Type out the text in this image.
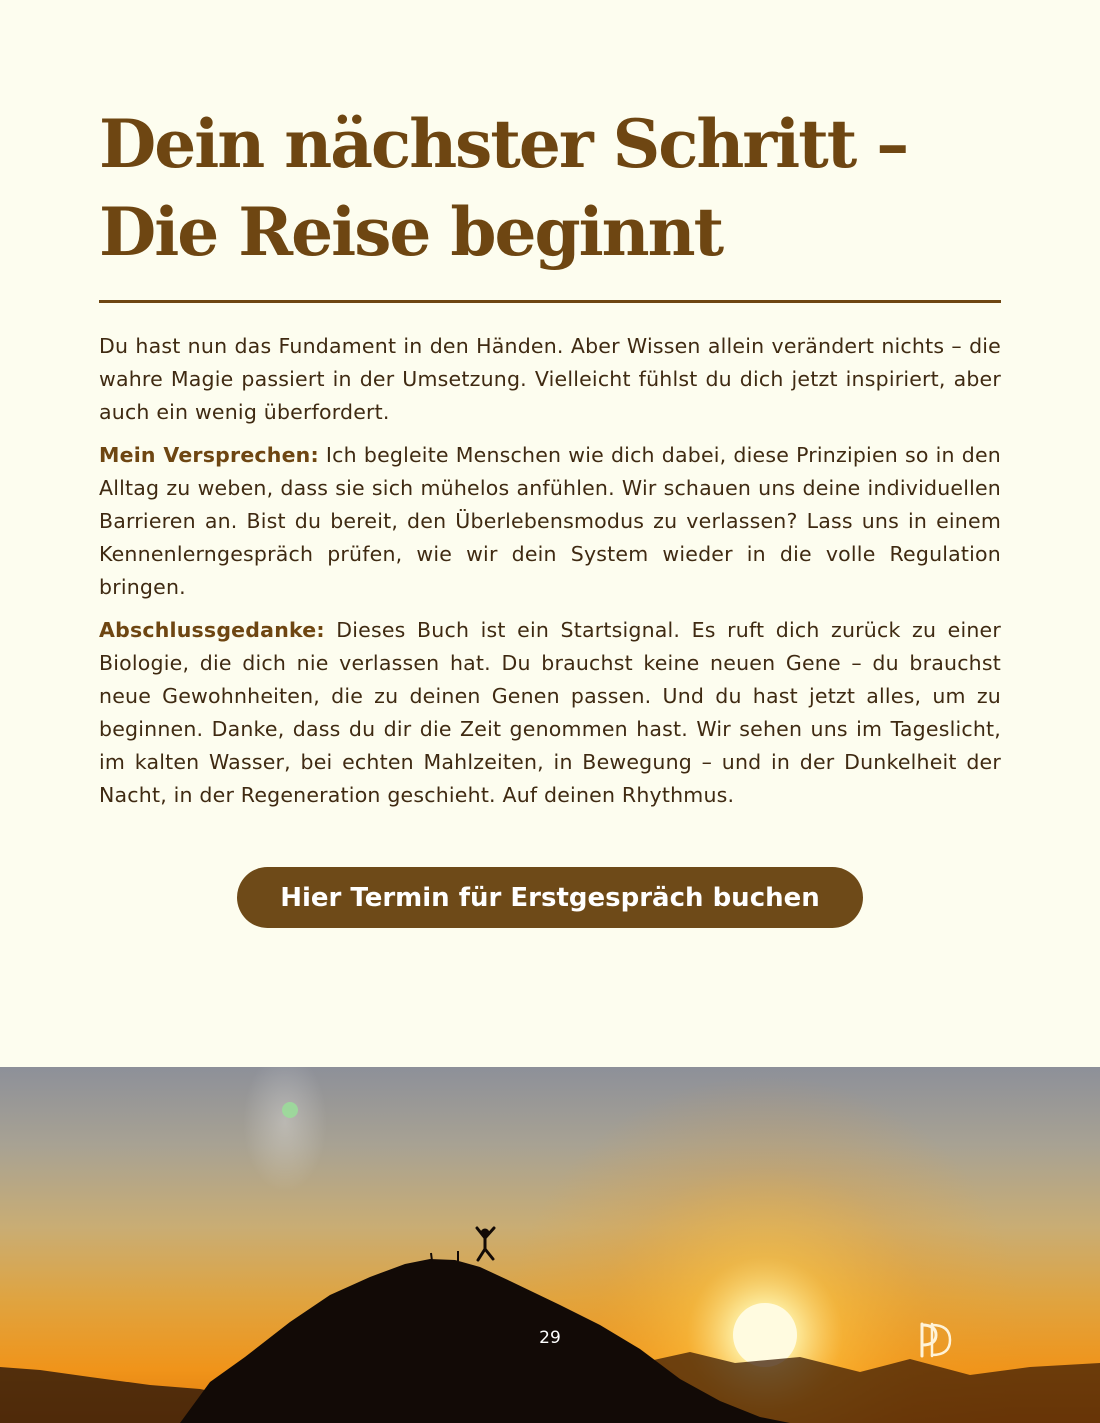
Dein nächster Schritt – Die Reise beginnt

Du hast nun das Fundament in den Händen. Aber Wissen allein verändert nichts – die wahre Magie passiert in der Umsetzung. Vielleicht fühlst du dich jetzt inspiriert, aber auch ein wenig überfordert.

Mein Versprechen: Ich begleite Menschen wie dich dabei, diese Prinzipien so in den Alltag zu weben, dass sie sich mühelos anfühlen. Wir schauen uns deine individuellen Barrieren an. Bist du bereit, den Überlebensmodus zu verlassen? Lass uns in einem Kennenlerngespräch prüfen, wie wir dein System wieder in die volle Regulation bringen.

Abschlussgedanke: Dieses Buch ist ein Startsignal. Es ruft dich zurück zu einer Biologie, die dich nie verlassen hat. Du brauchst keine neuen Gene – du brauchst neue Gewohnheiten, die zu deinen Genen passen. Und du hast jetzt alles, um zu beginnen. Danke, dass du dir die Zeit genommen hast. Wir sehen uns im Tageslicht, im kalten Wasser, bei echten Mahlzeiten, in Bewegung – und in der Dunkelheit der Nacht, in der Regeneration geschieht. Auf deinen Rhythmus.

Hier Termin für Erstgespräch buchen
29
